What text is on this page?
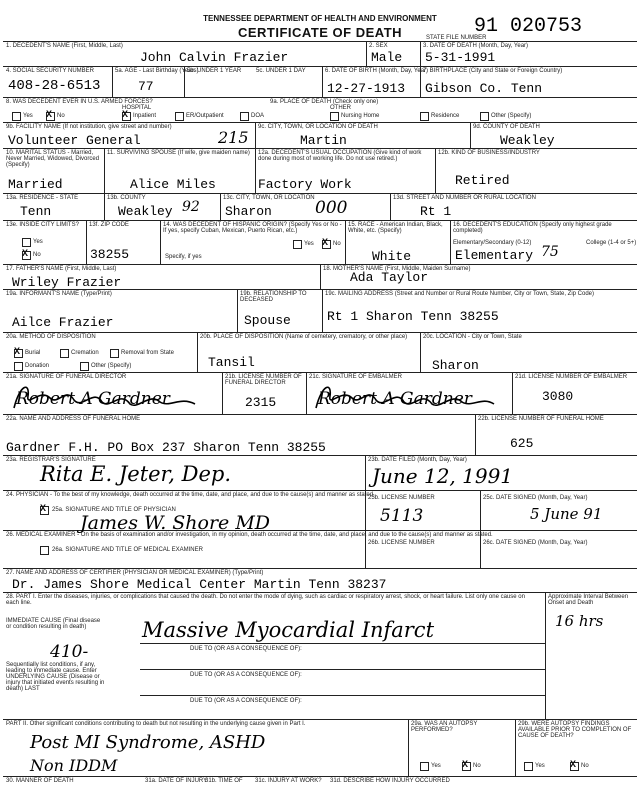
TENNESSEE DEPARTMENT OF HEALTH AND ENVIRONMENT
CERTIFICATE OF DEATH	STATE FILE NUMBER
91 020753
1. DECEDENT'S NAME (First, Middle, Last)
John Calvin Frazier
2. SEX
Male
3. DATE OF DEATH (Month, Day, Year)
5-31-1991
4. SOCIAL SECURITY NUMBER
408-28-6513
5a. AGE - Last Birthday (Years)
77
5b. UNDER 1 YEAR 5c. UNDER 1 DAY	6. DATE OF BIRTH (Month, Day, Year)
12-27-1913
7. BIRTHPLACE (City and State or Foreign Country)
Gibson Co. Tenn
8. WAS DECEDENT EVER IN U.S. ARMED FORCES?
Yes X No
9a. PLACE OF DEATH (Check only one)
HOSPITAL
X Inpatient	ER/Outpatient	DOA
OTHER
Nursing Home	Residence	Other (Specify)
9b. FACILITY NAME (If not institution, give street and number)
Volunteer General	215
9c. CITY, TOWN, OR LOCATION OF DEATH
Martin
9d. COUNTY OF DEATH
Weakley
10. MARITAL STATUS - Married, Never Married, Widowed, Divorced (Specify)
Married
11. SURVIVING SPOUSE (If wife, give maiden name)
Alice Miles
12a. DECEDENT'S USUAL OCCUPATION (Give kind of work done during most of working life. Do not use retired.)
Factory Work
12b. KIND OF BUSINESS/INDUSTRY
Retired
13a. RESIDENCE - STATE
Tenn
13b. COUNTY
Weakley 92
13c. CITY, TOWN, OR LOCATION
Sharon	000	13d. STREET AND NUMBER OR RURAL LOCATION
Rt 1
13e. INSIDE CITY LIMITS?
Yes
X No
13f. ZIP CODE
38255
14. WAS DECEDENT OF HISPANIC ORIGIN? (Specify Yes or No - If yes, specify Cuban, Mexican, Puerto Rican, etc.)
Yes X No
Specify, if yes
15. RACE - American Indian, Black, White, etc. (Specify)
White
16. DECEDENT'S EDUCATION (Specify only highest grade completed)
Elementary/Secondary (0-12)	College (1-4 or 5+)
Elementary 75
17. FATHER'S NAME (First, Middle, Last)
Wriley Frazier
18. MOTHER'S NAME (First, Middle, Maiden Surname)
Ada Taylor
19a. INFORMANT'S NAME (Type/Print)
Ailce Frazier
19b. RELATIONSHIP TO DECEASED
Spouse
19c. MAILING ADDRESS (Street and Number or Rural Route Number, City or Town, State, Zip Code)
Rt 1 Sharon Tenn 38255
20a. METHOD OF DISPOSITION
X Burial	Cremation	Removal from State
Donation	Other (Specify)
20b. PLACE OF DISPOSITION (Name of cemetery, crematory, or other place)
Tansil
20c. LOCATION - City or Town, State
Sharon
21a. SIGNATURE OF FUNERAL DIRECTOR
Robert A Gardner
21b. LICENSE NUMBER OF FUNERAL DIRECTOR
2315
21c. SIGNATURE OF EMBALMER
Robert A Gardner
21d. LICENSE NUMBER OF EMBALMER
3080
22a. NAME AND ADDRESS OF FUNERAL HOME
Gardner F.H. PO Box 237 Sharon Tenn 38255
22b. LICENSE NUMBER OF FUNERAL HOME
625
23a. REGISTRAR'S SIGNATURE
Rita E. Jeter, Dep.
23b. DATE FILED (Month, Day, Year)
June 12, 1991
24. PHYSICIAN - To the best of my knowledge, death occurred at the time, date, and place, and due to the cause(s) and manner as stated.
X 25a. SIGNATURE AND TITLE OF PHYSICIAN
James W. Shore MD
25b. LICENSE NUMBER
5113
25c. DATE SIGNED (Month, Day, Year)
5 June 91
26. MEDICAL EXAMINER - On the basis of examination and/or investigation, in my opinion, death occurred at the time, date, and place, and due to the cause(s) and manner as stated.
26a. SIGNATURE AND TITLE OF MEDICAL EXAMINER
26b. LICENSE NUMBER	26c. DATE SIGNED (Month, Day, Year)
27. NAME AND ADDRESS OF CERTIFIER (PHYSICIAN OR MEDICAL EXAMINER) (Type/Print)
Dr. James Shore Medical Center Martin Tenn 38237
28. PART I. Enter the diseases, injuries, or complications that caused the death. Do not enter the mode of dying, such as cardiac or respiratory arrest, shock, or heart failure. List only one cause on each line.
Approximate Interval Between Onset and Death
IMMEDIATE CAUSE (Final disease or condition resulting in death)	Massive Myocardial Infarct	16 hrs
410-
Sequentially list conditions, if any, leading to immediate cause. Enter UNDERLYING CAUSE (Disease or injury that initiated events resulting in death) LAST
DUE TO (OR AS A CONSEQUENCE OF):
DUE TO (OR AS A CONSEQUENCE OF):
DUE TO (OR AS A CONSEQUENCE OF):
PART II. Other significant conditions contributing to death but not resulting in the underlying cause given in Part I.
Post MI Syndrome, ASHD
Non IDDM
29a. WAS AN AUTOPSY PERFORMED?
Yes X No
29b. WERE AUTOPSY FINDINGS AVAILABLE PRIOR TO COMPLETION OF CAUSE OF DEATH?
Yes	X No
30. MANNER OF DEATH	31a. DATE OF INJURY
31b. TIME OF 31c. INJURY AT WORK? 31d. DESCRIBE HOW INJURY OCCURRED
